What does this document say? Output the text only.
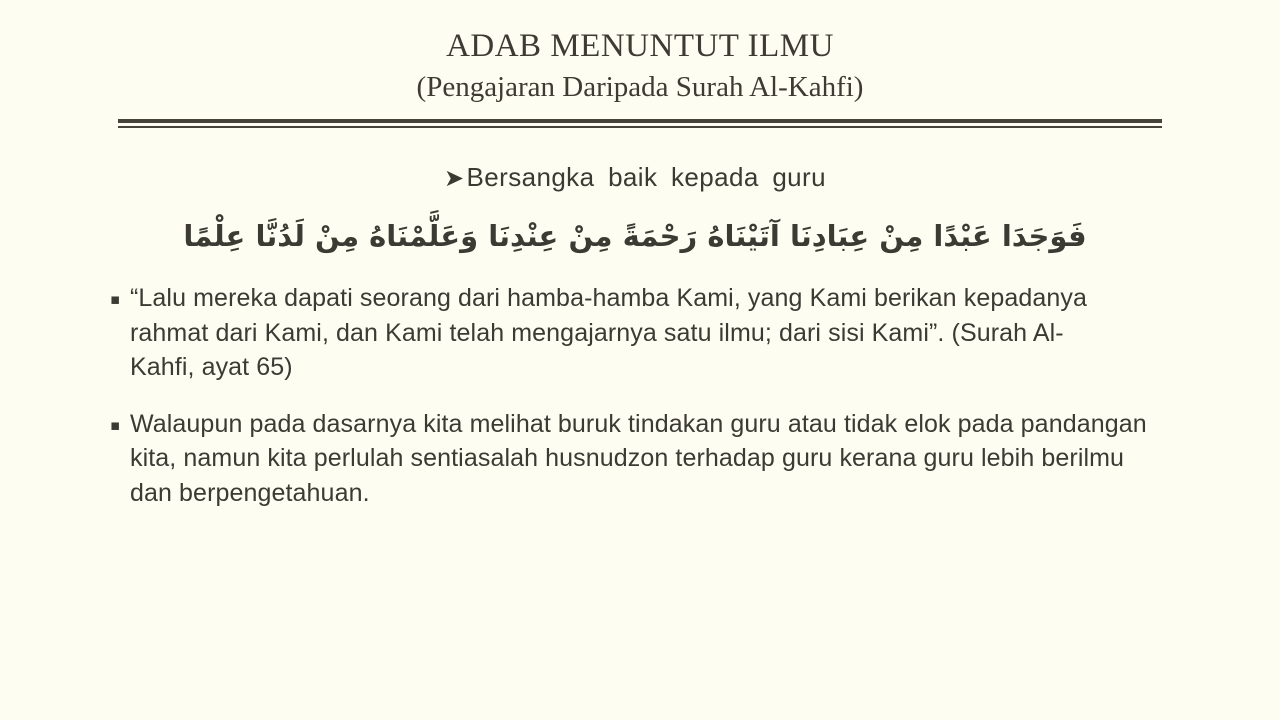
ADAB MENUNTUT ILMU
(Pengajaran Daripada Surah Al-Kahfi)
➤Bersangka baik kepada guru
فَوَجَدَا عَبْدًا مِنْ عِبَادِنَا آتَيْنَاهُ رَحْمَةً مِنْ عِنْدِنَا وَعَلَّمْنَاهُ مِنْ لَدُنَّا عِلْمًا
▪ “Lalu mereka dapati seorang dari hamba-hamba Kami, yang Kami berikan kepadanya rahmat dari Kami, dan Kami telah mengajarnya satu ilmu; dari sisi Kami”. (Surah Al-Kahfi, ayat 65)
▪ Walaupun pada dasarnya kita melihat buruk tindakan guru atau tidak elok pada pandangan kita, namun kita perlulah sentiasalah husnudzon terhadap guru kerana guru lebih berilmu dan berpengetahuan.
